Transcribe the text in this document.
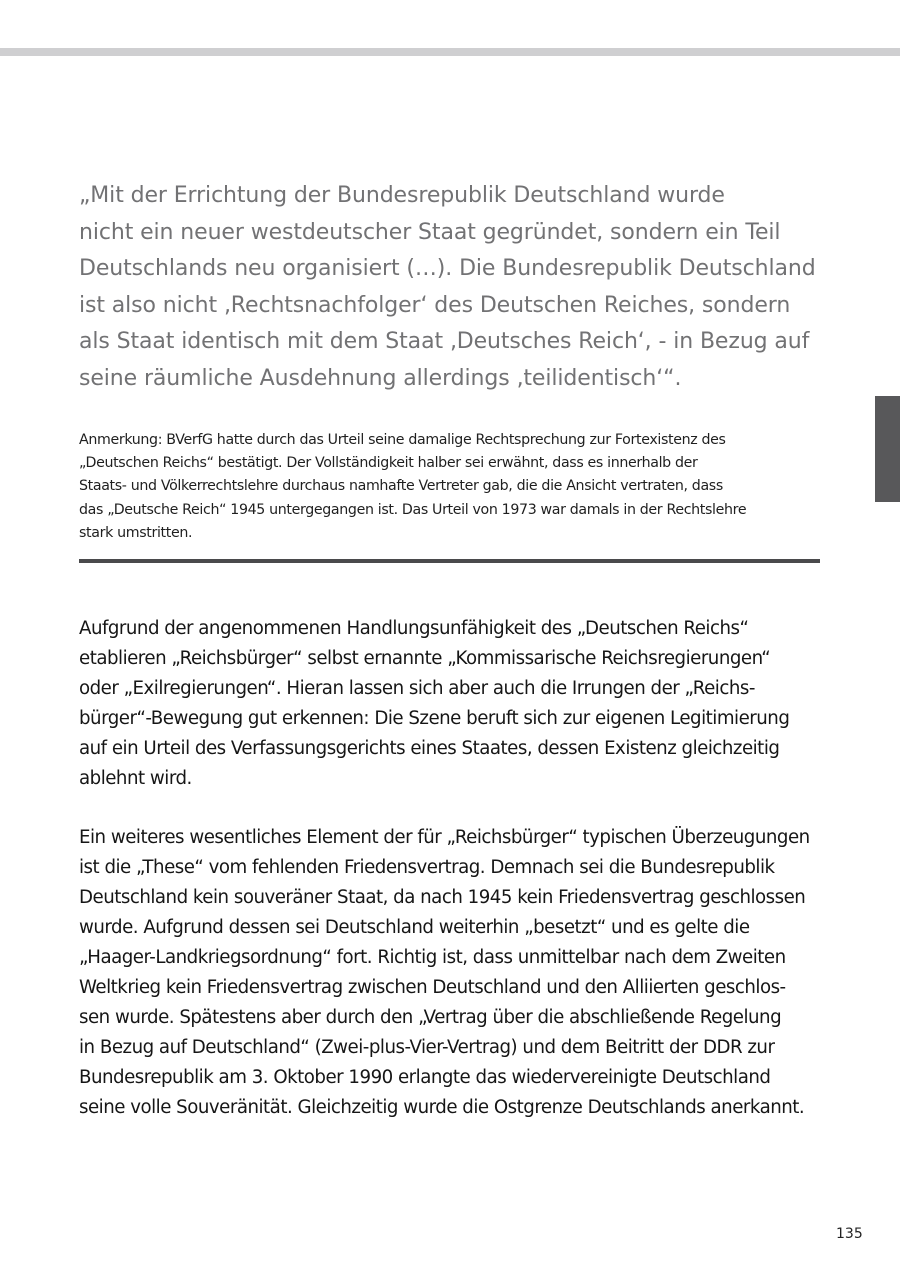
„Mit der Errichtung der Bundesrepublik Deutschland wurde
nicht ein neuer westdeutscher Staat gegründet, sondern ein Teil
Deutschlands neu organisiert (…). Die Bundesrepublik Deutschland
ist also nicht ‚Rechtsnachfolger‘ des Deutschen Reiches, sondern
als Staat identisch mit dem Staat ‚Deutsches Reich‘, - in Bezug auf
seine räumliche Ausdehnung allerdings ‚teilidentisch‘“.
Anmerkung: BVerfG hatte durch das Urteil seine damalige Rechtsprechung zur Fortexistenz des
„Deutschen Reichs“ bestätigt. Der Vollständigkeit halber sei erwähnt, dass es innerhalb der
Staats- und Völkerrechtslehre durchaus namhafte Vertreter gab, die die Ansicht vertraten, dass
das „Deutsche Reich“ 1945 untergegangen ist. Das Urteil von 1973 war damals in der Rechtslehre
stark umstritten.
Aufgrund der angenommenen Handlungsunfähigkeit des „Deutschen Reichs“
etablieren „Reichsbürger“ selbst ernannte „Kommissarische Reichsregierungen“
oder „Exilregierungen“. Hieran lassen sich aber auch die Irrungen der „Reichs-
bürger“-Bewegung gut erkennen: Die Szene beruft sich zur eigenen Legitimierung
auf ein Urteil des Verfassungsgerichts eines Staates, dessen Existenz gleichzeitig
ablehnt wird.
Ein weiteres wesentliches Element der für „Reichsbürger“ typischen Überzeugungen
ist die „These“ vom fehlenden Friedensvertrag. Demnach sei die Bundesrepublik
Deutschland kein souveräner Staat, da nach 1945 kein Friedensvertrag geschlossen
wurde. Aufgrund dessen sei Deutschland weiterhin „besetzt“ und es gelte die
„Haager-Landkriegsordnung“ fort. Richtig ist, dass unmittelbar nach dem Zweiten
Weltkrieg kein Friedensvertrag zwischen Deutschland und den Alliierten geschlos-
sen wurde. Spätestens aber durch den „Vertrag über die abschließende Regelung
in Bezug auf Deutschland“ (Zwei-plus-Vier-Vertrag) und dem Beitritt der DDR zur
Bundesrepublik am 3. Oktober 1990 erlangte das wiedervereinigte Deutschland
seine volle Souveränität. Gleichzeitig wurde die Ostgrenze Deutschlands anerkannt.
135
